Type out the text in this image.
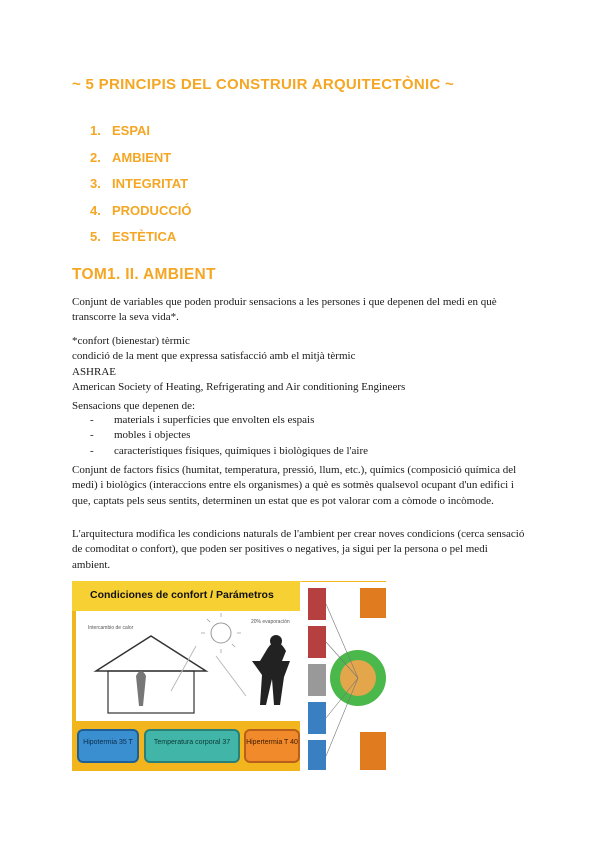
~ 5 PRINCIPIS DEL CONSTRUIR ARQUITECTÒNIC ~
1. ESPAI
2. AMBIENT
3. INTEGRITAT
4. PRODUCCIÓ
5. ESTÈTICA
TOM1. II. AMBIENT

Conjunt de variables que poden produir sensacions a les persones i que depenen del medi en què transcorre la seva vida*.

*confort (bienestar) tèrmic
condició de la ment que expressa satisfacció amb el mitjà tèrmic
ASHRAE
American Society of Heating, Refrigerating and Air conditioning Engineers

Sensacions que depenen de:

- materials i superfícies que envolten els espais
- mobles i objectes
- característiques físiques, químiques i biològiques de l'aire

Conjunt de factors físics (humitat, temperatura, pressió, llum, etc.), químics (composició química del medi) i biològics (interaccions entre els organismes) a què es sotmès qualsevol ocupant d'un edifici i que, captats pels seus sentits, determinen un estat que es pot valorar com a còmode o incòmode.

L'arquitectura modifica les condicions naturals de l'ambient per crear noves condicions (cerca sensació de comoditat o confort), que poden ser positives o negatives, ja sigui per la persona o pel medi ambient.

Condiciones de confort / Parámetros
Intercambio de calor
20% evaporación
Hipotermia 35 T	Temperatura corporal 37	Hipertermia T 40
